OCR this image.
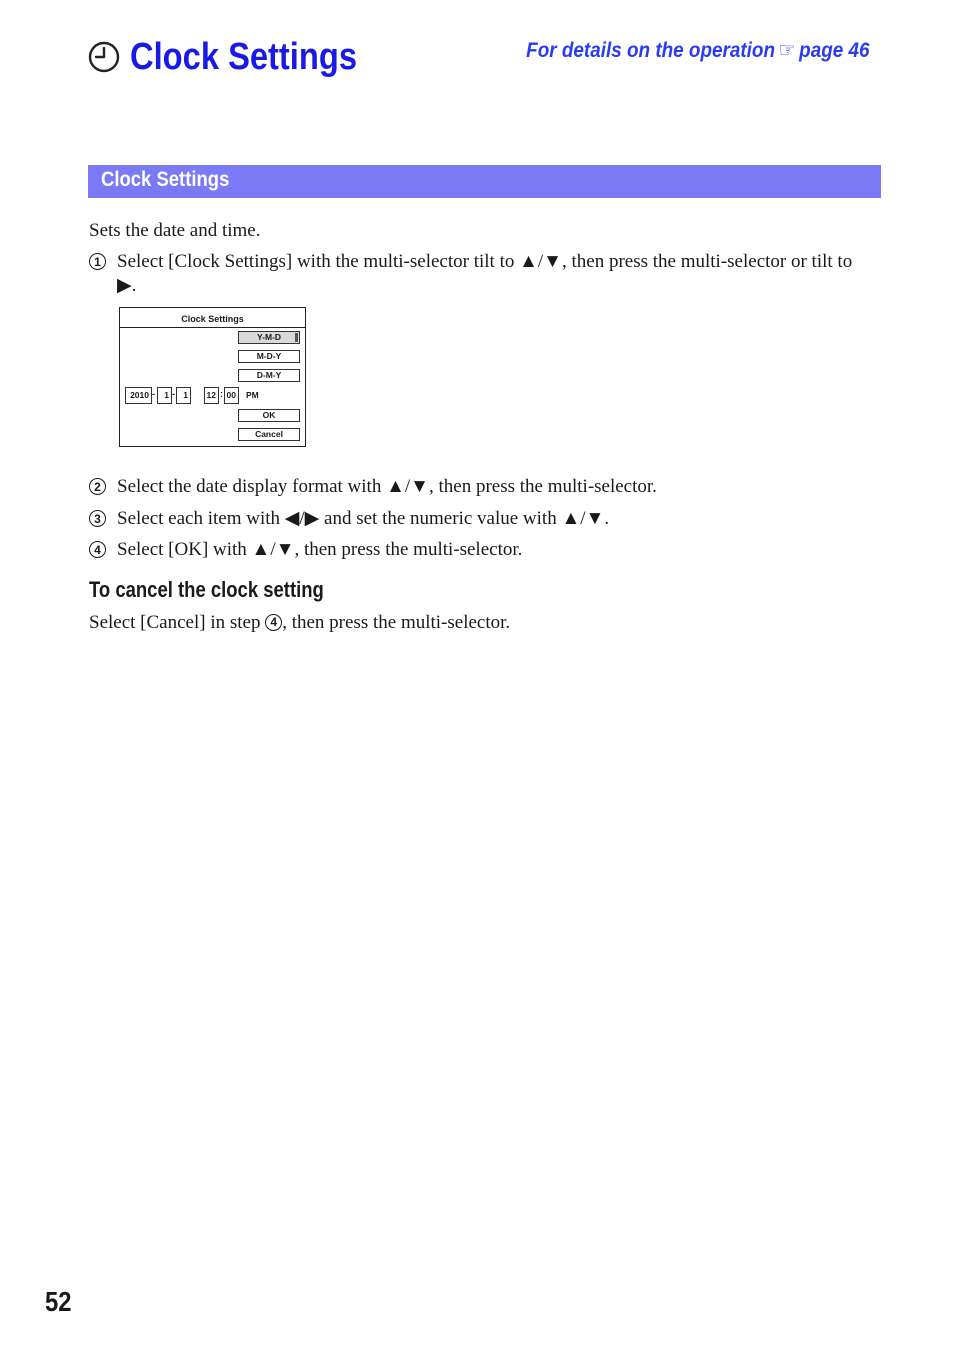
Clock Settings	For details on the operation ☞ page 46
Clock Settings
Sets the date and time.
1 Select [Clock Settings] with the multi-selector tilt to ▲/▼, then press the multi-selector or tilt to
▶.
Clock Settings
Y-M-D
M-D-Y
D-M-Y
2010 -	1 - 1	12 : 00	PM
OK
Cancel
2 Select the date display format with ▲/▼, then press the multi-selector.
3 Select each item with ◀/▶ and set the numeric value with ▲/▼.
4 Select [OK] with ▲/▼, then press the multi-selector.
To cancel the clock setting
Select [Cancel] in step 4 , then press the multi-selector.
52
